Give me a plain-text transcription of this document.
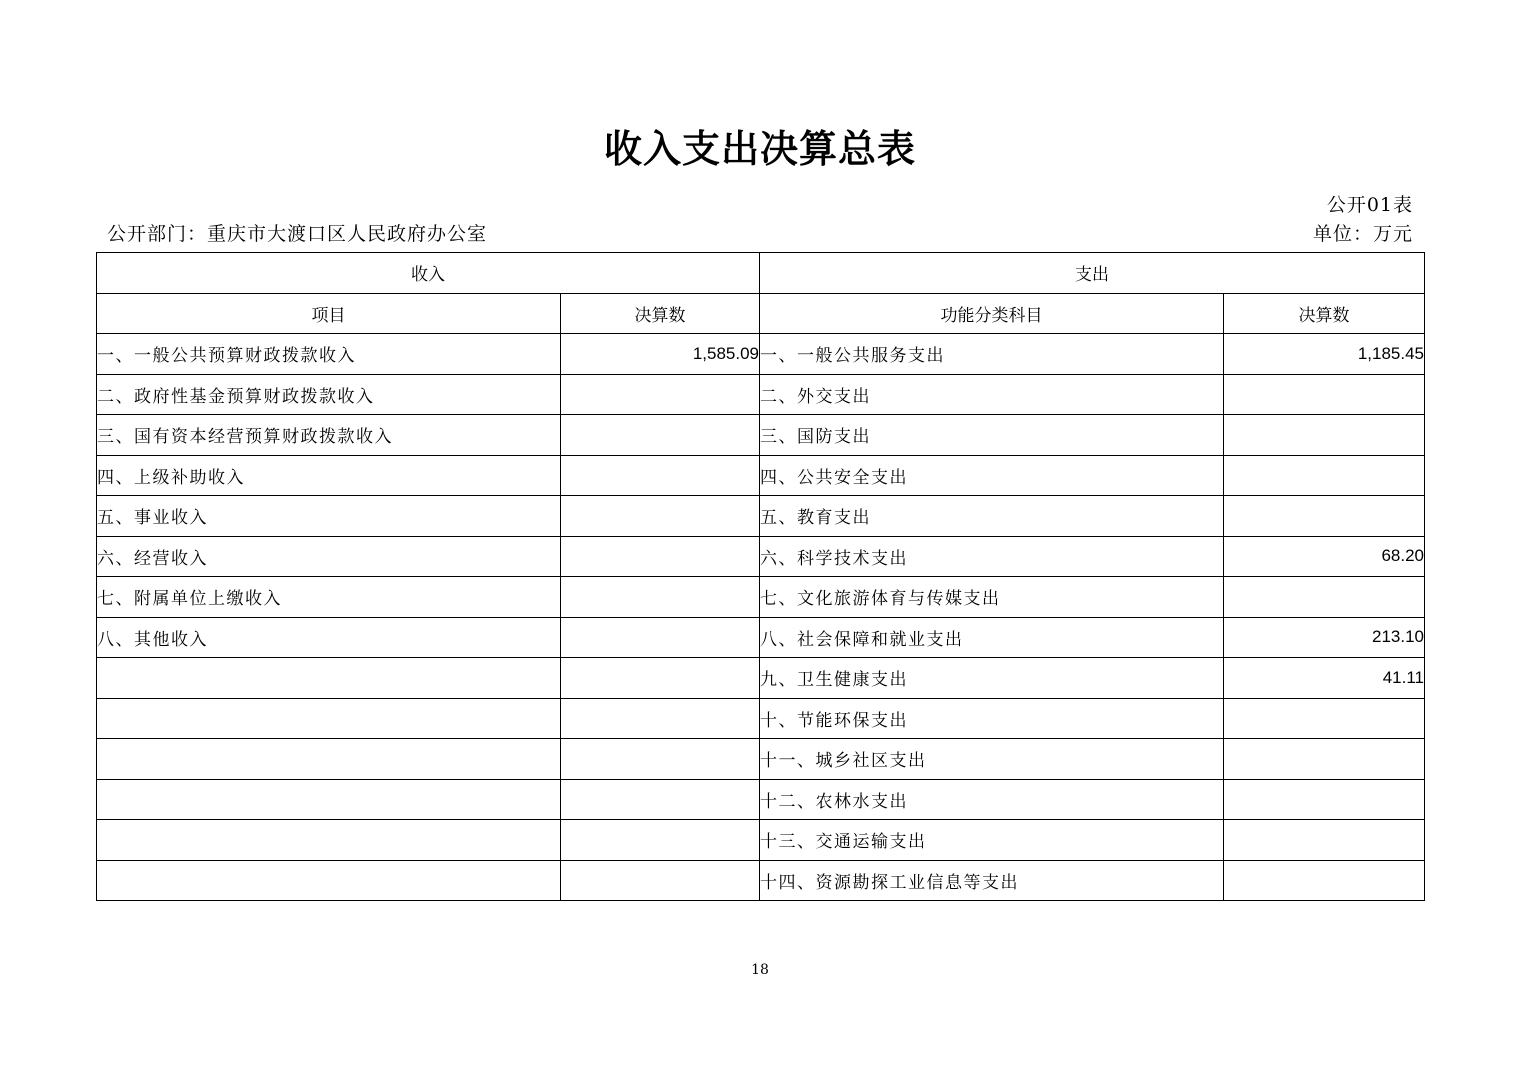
收入支出决算总表
公开01表
公开部门：重庆市大渡口区人民政府办公室	单位：万元
收入		支出	
项目	决算数	功能分类科目	决算数
一、一般公共预算财政拨款收入	1,585.09	一、一般公共服务支出	1,185.45
二、政府性基金预算财政拨款收入		二、外交支出	
三、国有资本经营预算财政拨款收入		三、国防支出	
四、上级补助收入		四、公共安全支出	
五、事业收入		五、教育支出	
六、经营收入		六、科学技术支出	68.20
七、附属单位上缴收入		七、文化旅游体育与传媒支出	
八、其他收入		八、社会保障和就业支出	213.10
		九、卫生健康支出	41.11
		十、节能环保支出	
		十一、城乡社区支出	
		十二、农林水支出	
		十三、交通运输支出	
		十四、资源勘探工业信息等支出	
18
